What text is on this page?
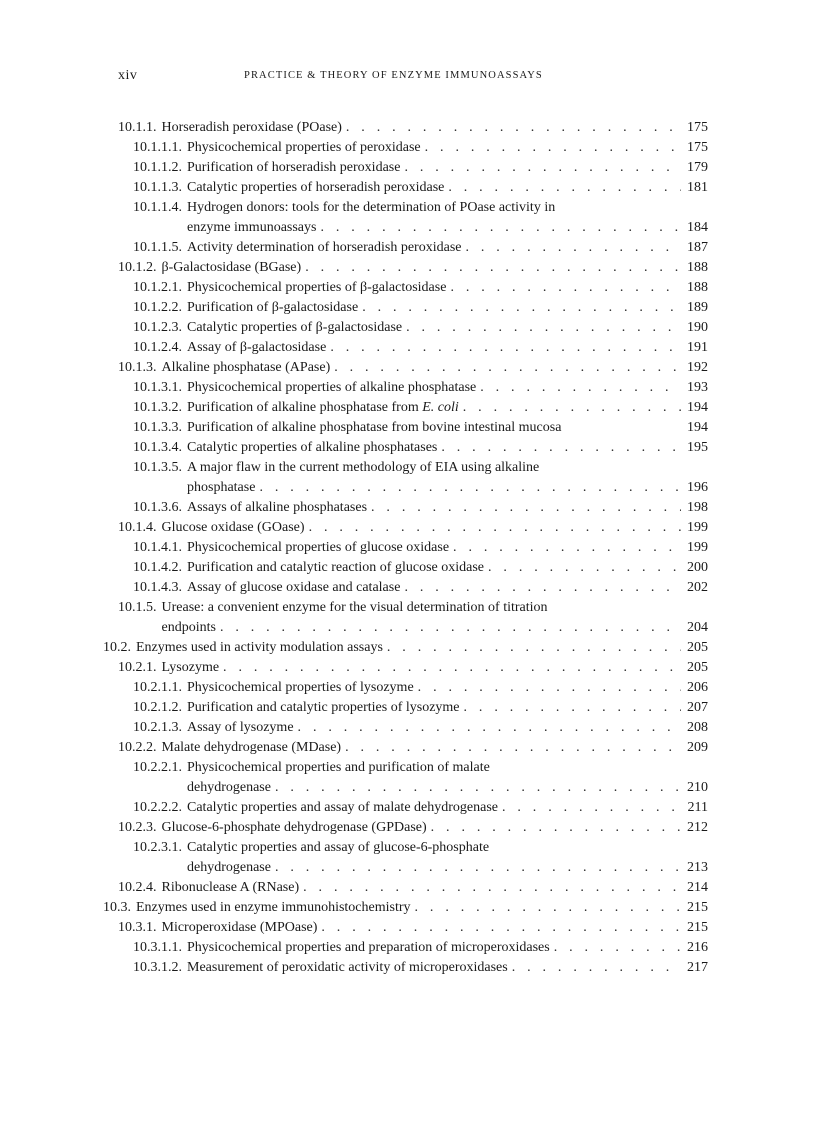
xiv	PRACTICE & THEORY OF ENZYME IMMUNOASSAYS
10.1.1. Horseradish peroxidase (POase) . . .	175
10.1.1.1. Physicochemical properties of peroxidase . . .	175
10.1.1.2. Purification of horseradish peroxidase . . .	179
10.1.1.3. Catalytic properties of horseradish peroxidase . . .	181
10.1.1.4. Hydrogen donors: tools for the determination of POase activity in
enzyme immunoassays . . .	184
10.1.1.5. Activity determination of horseradish peroxidase . . .	187
10.1.2. β-Galactosidase (BGase) . . .	188
10.1.2.1. Physicochemical properties of β-galactosidase . . .	188
10.1.2.2. Purification of β-galactosidase . . .	189
10.1.2.3. Catalytic properties of β-galactosidase . . .	190
10.1.2.4. Assay of β-galactosidase . . .	191
10.1.3. Alkaline phosphatase (APase) . . .	192
10.1.3.1. Physicochemical properties of alkaline phosphatase . . .	193
10.1.3.2. Purification of alkaline phosphatase from E. coli . . .	194
10.1.3.3. Purification of alkaline phosphatase from bovine intestinal mucosa	194
10.1.3.4. Catalytic properties of alkaline phosphatases . . .	195
10.1.3.5. A major flaw in the current methodology of EIA using alkaline
phosphatase . . .	196
10.1.3.6. Assays of alkaline phosphatases . . .	198
10.1.4. Glucose oxidase (GOase) . . .	199
10.1.4.1. Physicochemical properties of glucose oxidase . . .	199
10.1.4.2. Purification and catalytic reaction of glucose oxidase . . .	200
10.1.4.3. Assay of glucose oxidase and catalase . . .	202
10.1.5. Urease: a convenient enzyme for the visual determination of titration
endpoints . . .	204
10.2. Enzymes used in activity modulation assays . . .	205
10.2.1. Lysozyme . . .	205
10.2.1.1. Physicochemical properties of lysozyme . . .	206
10.2.1.2. Purification and catalytic properties of lysozyme . . .	207
10.2.1.3. Assay of lysozyme . . .	208
10.2.2. Malate dehydrogenase (MDase) . . .	209
10.2.2.1. Physicochemical properties and purification of malate
dehydrogenase . . .	210
10.2.2.2. Catalytic properties and assay of malate dehydrogenase . . .	211
10.2.3. Glucose-6-phosphate dehydrogenase (GPDase) . . .	212
10.2.3.1. Catalytic properties and assay of glucose-6-phosphate
dehydrogenase . . .	213
10.2.4. Ribonuclease A (RNase) . . .	214
10.3. Enzymes used in enzyme immunohistochemistry . . .	215
10.3.1. Microperoxidase (MPOase) . . .	215
10.3.1.1. Physicochemical properties and preparation of microperoxidases . . .	216
10.3.1.2. Measurement of peroxidatic activity of microperoxidases . . .	217
